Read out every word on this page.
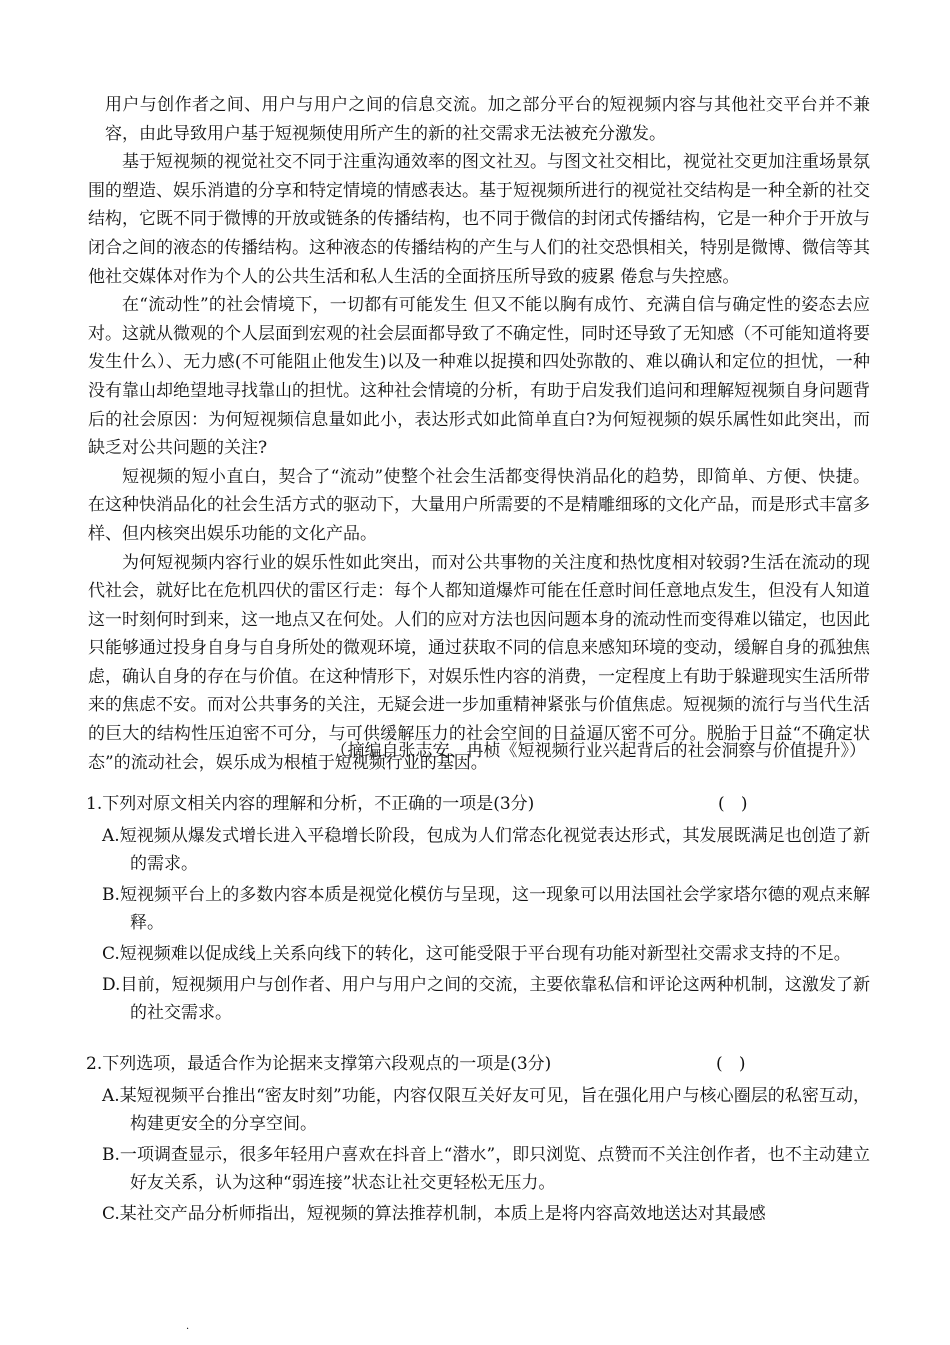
用户与创作者之间、用户与用户之间的信息交流。加之部分平台的短视频内容与其他社交平台并不兼容，由此导致用户基于短视频使用所产生的新的社交需求无法被充分激发。

基于短视频的视觉社交不同于注重沟通效率的图文社丒。与图文社交相比，视觉社交更加注重场景氛围的塑造、娱乐消遣的分享和特定情境的情感表达。基于短视频所进行的视觉社交结构是一种全新的社交结构，它既不同于微博的开放或链条的传播结构，也不同于微信的封闭式传播结构，它是一种介于开放与闭合之间的液态的传播结构。这种液态的传播结构的产生与人们的社交恐惧相关，特别是微博、微信等其他社交媒体对作为个人的公共生活和私人生活的全面挤压所导致的疲累 倦怠与失控感。

在“流动性”的社会情境下，一切都有可能发生 但又不能以胸有成竹、充满自信与确定性的姿态去应对。这就从微观的个人层面到宏观的社会层面都导致了不确定性，同时还导致了无知感（不可能知道将要发生什么）、无力感(不可能阻止他发生)以及一种难以捉摸和四处弥散的、难以确认和定位的担忧，一种没有靠山却绝望地寻找靠山的担忧。这种社会情境的分析，有助于启发我们追问和理解短视频自身问题背后的社会原因：为何短视频信息量如此小，表达形式如此简单直白?为何短视频的娱乐属性如此突出，而缺乏对公共问题的关注?

短视频的短小直白，契合了“流动”使整个社会生活都变得快消品化的趋势，即简单、方便、快捷。在这种快消品化的社会生活方式的驱动下，大量用户所需要的不是精雕细琢的文化产品，而是形式丰富多样、但内核突出娱乐功能的文化产品。

为何短视频内容行业的娱乐性如此突出，而对公共事物的关注度和热忱度相对较弱?生活在流动的现代社会，就好比在危机四伏的雷区行走：每个人都知道爆炸可能在任意时间任意地点发生，但没有人知道这一时刻何时到来，这一地点又在何处。人们的应对方法也因问题本身的流动性而变得难以锚定，也因此只能够通过投身自身与自身所处的微观环境，通过获取不同的信息来感知环境的变动，缓解自身的孤独焦虑，确认自身的存在与价值。在这种情形下，对娱乐性内容的消费，一定程度上有助于躲避现实生活所带来的焦虑不安。而对公共事务的关注，无疑会进一步加重精神紧张与价值焦虑。短视频的流行与当代生活的巨大的结构性压迫密不可分，与可供缓解压力的社会空间的日益逼仄密不可分。脱胎于日益“不确定状态”的流动社会，娱乐成为根植于短视频行业的基因。

（摘编自张志安、冉桢《短视频行业兴起背后的社会洞察与价值提升》）

1.下列对原文相关内容的理解和分析，不正确的一项是(3分)	(   )

A.短视频从爆发式增长进入平稳增长阶段，包成为人们常态化视觉表达形式，其发展既满足也创造了新的需求。

B.短视频平台上的多数内容本质是视觉化模仿与呈现，这一现象可以用法国社会学家塔尔德的观点来解释。

C.短视频难以促成线上关系向线下的转化，这可能受限于平台现有功能对新型社交需求支持的不足。

D.目前，短视频用户与创作者、用户与用户之间的交流，主要依靠私信和评论这两种机制，这激发了新的社交需求。

2.下列选项，最适合作为论据来支撑第六段观点的一项是(3分)	(   )

A.某短视频平台推出“密友时刻”功能，内容仅限互关好友可见，旨在强化用户与核心圈层的私密互动，构建更安全的分享空间。

B.一项调查显示，很多年轻用户喜欢在抖音上“潜水”，即只浏览、点赞而不关注创作者，也不主动建立好友关系，认为这种“弱连接”状态让社交更轻松无压力。

C.某社交产品分析师指出，短视频的算法推荐机制，本质上是将内容高效地送达对其最感

·
